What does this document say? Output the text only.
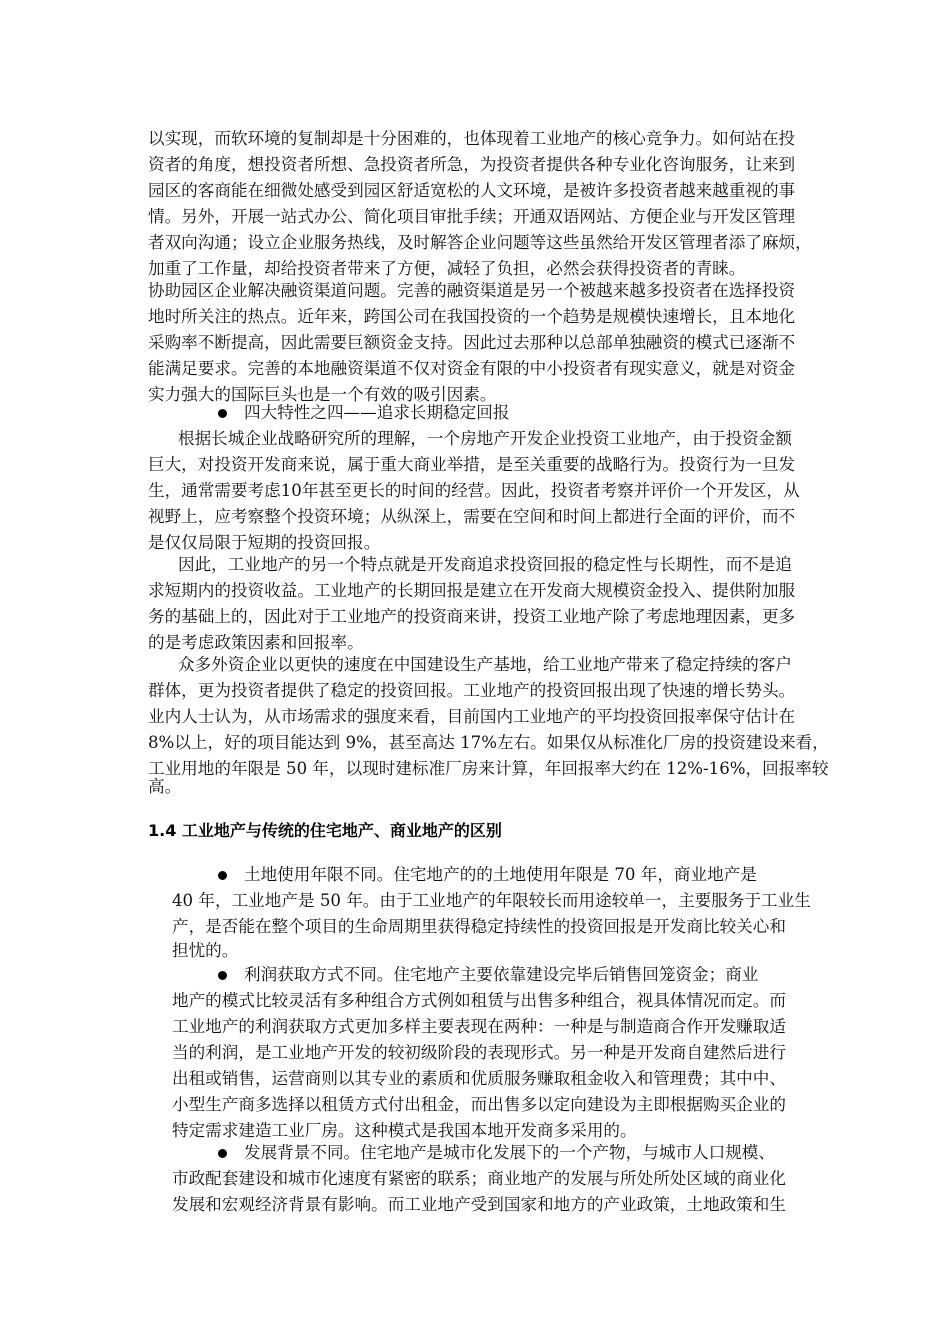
以实现，而软环境的复制却是十分困难的，也体现着工业地产的核心竞争力。如何站在投
资者的角度，想投资者所想、急投资者所急，为投资者提供各种专业化咨询服务，让来到
园区的客商能在细微处感受到园区舒适宽松的人文环境，是被许多投资者越来越重视的事
情。另外，开展一站式办公、简化项目审批手续；开通双语网站、方便企业与开发区管理
者双向沟通；设立企业服务热线，及时解答企业问题等这些虽然给开发区管理者添了麻烦，
加重了工作量，却给投资者带来了方便，减轻了负担，必然会获得投资者的青睐。
协助园区企业解决融资渠道问题。完善的融资渠道是另一个被越来越多投资者在选择投资
地时所关注的热点。近年来，跨国公司在我国投资的一个趋势是规模快速增长，且本地化
采购率不断提高，因此需要巨额资金支持。因此过去那种以总部单独融资的模式已逐渐不
能满足要求。完善的本地融资渠道不仅对资金有限的中小投资者有现实意义，就是对资金
实力强大的国际巨头也是一个有效的吸引因素。
四大特性之四——追求长期稳定回报
根据长城企业战略研究所的理解，一个房地产开发企业投资工业地产，由于投资金额
巨大，对投资开发商来说，属于重大商业举措，是至关重要的战略行为。投资行为一旦发
生，通常需要考虑10年甚至更长的时间的经营。因此，投资者考察并评价一个开发区，从
视野上，应考察整个投资环境；从纵深上，需要在空间和时间上都进行全面的评价，而不
是仅仅局限于短期的投资回报。
因此，工业地产的另一个特点就是开发商追求投资回报的稳定性与长期性，而不是追
求短期内的投资收益。工业地产的长期回报是建立在开发商大规模资金投入、提供附加服
务的基础上的，因此对于工业地产的投资商来讲，投资工业地产除了考虑地理因素，更多
的是考虑政策因素和回报率。
众多外资企业以更快的速度在中国建设生产基地，给工业地产带来了稳定持续的客户
群体，更为投资者提供了稳定的投资回报。工业地产的投资回报出现了快速的增长势头。
业内人士认为，从市场需求的强度来看，目前国内工业地产的平均投资回报率保守估计在
8%以上，好的项目能达到 9%，甚至高达 17%左右。如果仅从标准化厂房的投资建设来看，
工业用地的年限是 50 年，以现时建标准厂房来计算，年回报率大约在 12%-16%，回报率较
高。
1.4 工业地产与传统的住宅地产、商业地产的区别
土地使用年限不同。住宅地产的的土地使用年限是 70 年，商业地产是
40 年，工业地产是 50 年。由于工业地产的年限较长而用途较单一，主要服务于工业生
产，是否能在整个项目的生命周期里获得稳定持续性的投资回报是开发商比较关心和
担忧的。
利润获取方式不同。住宅地产主要依靠建设完毕后销售回笼资金；商业
地产的模式比较灵活有多种组合方式例如租赁与出售多种组合，视具体情况而定。而
工业地产的利润获取方式更加多样主要表现在两种：一种是与制造商合作开发赚取适
当的利润，是工业地产开发的较初级阶段的表现形式。另一种是开发商自建然后进行
出租或销售，运营商则以其专业的素质和优质服务赚取租金收入和管理费；其中中、
小型生产商多选择以租赁方式付出租金，而出售多以定向建设为主即根据购买企业的
特定需求建造工业厂房。这种模式是我国本地开发商多采用的。
发展背景不同。住宅地产是城市化发展下的一个产物，与城市人口规模、
市政配套建设和城市化速度有紧密的联系；商业地产的发展与所处所处区域的商业化
发展和宏观经济背景有影响。而工业地产受到国家和地方的产业政策，土地政策和生
